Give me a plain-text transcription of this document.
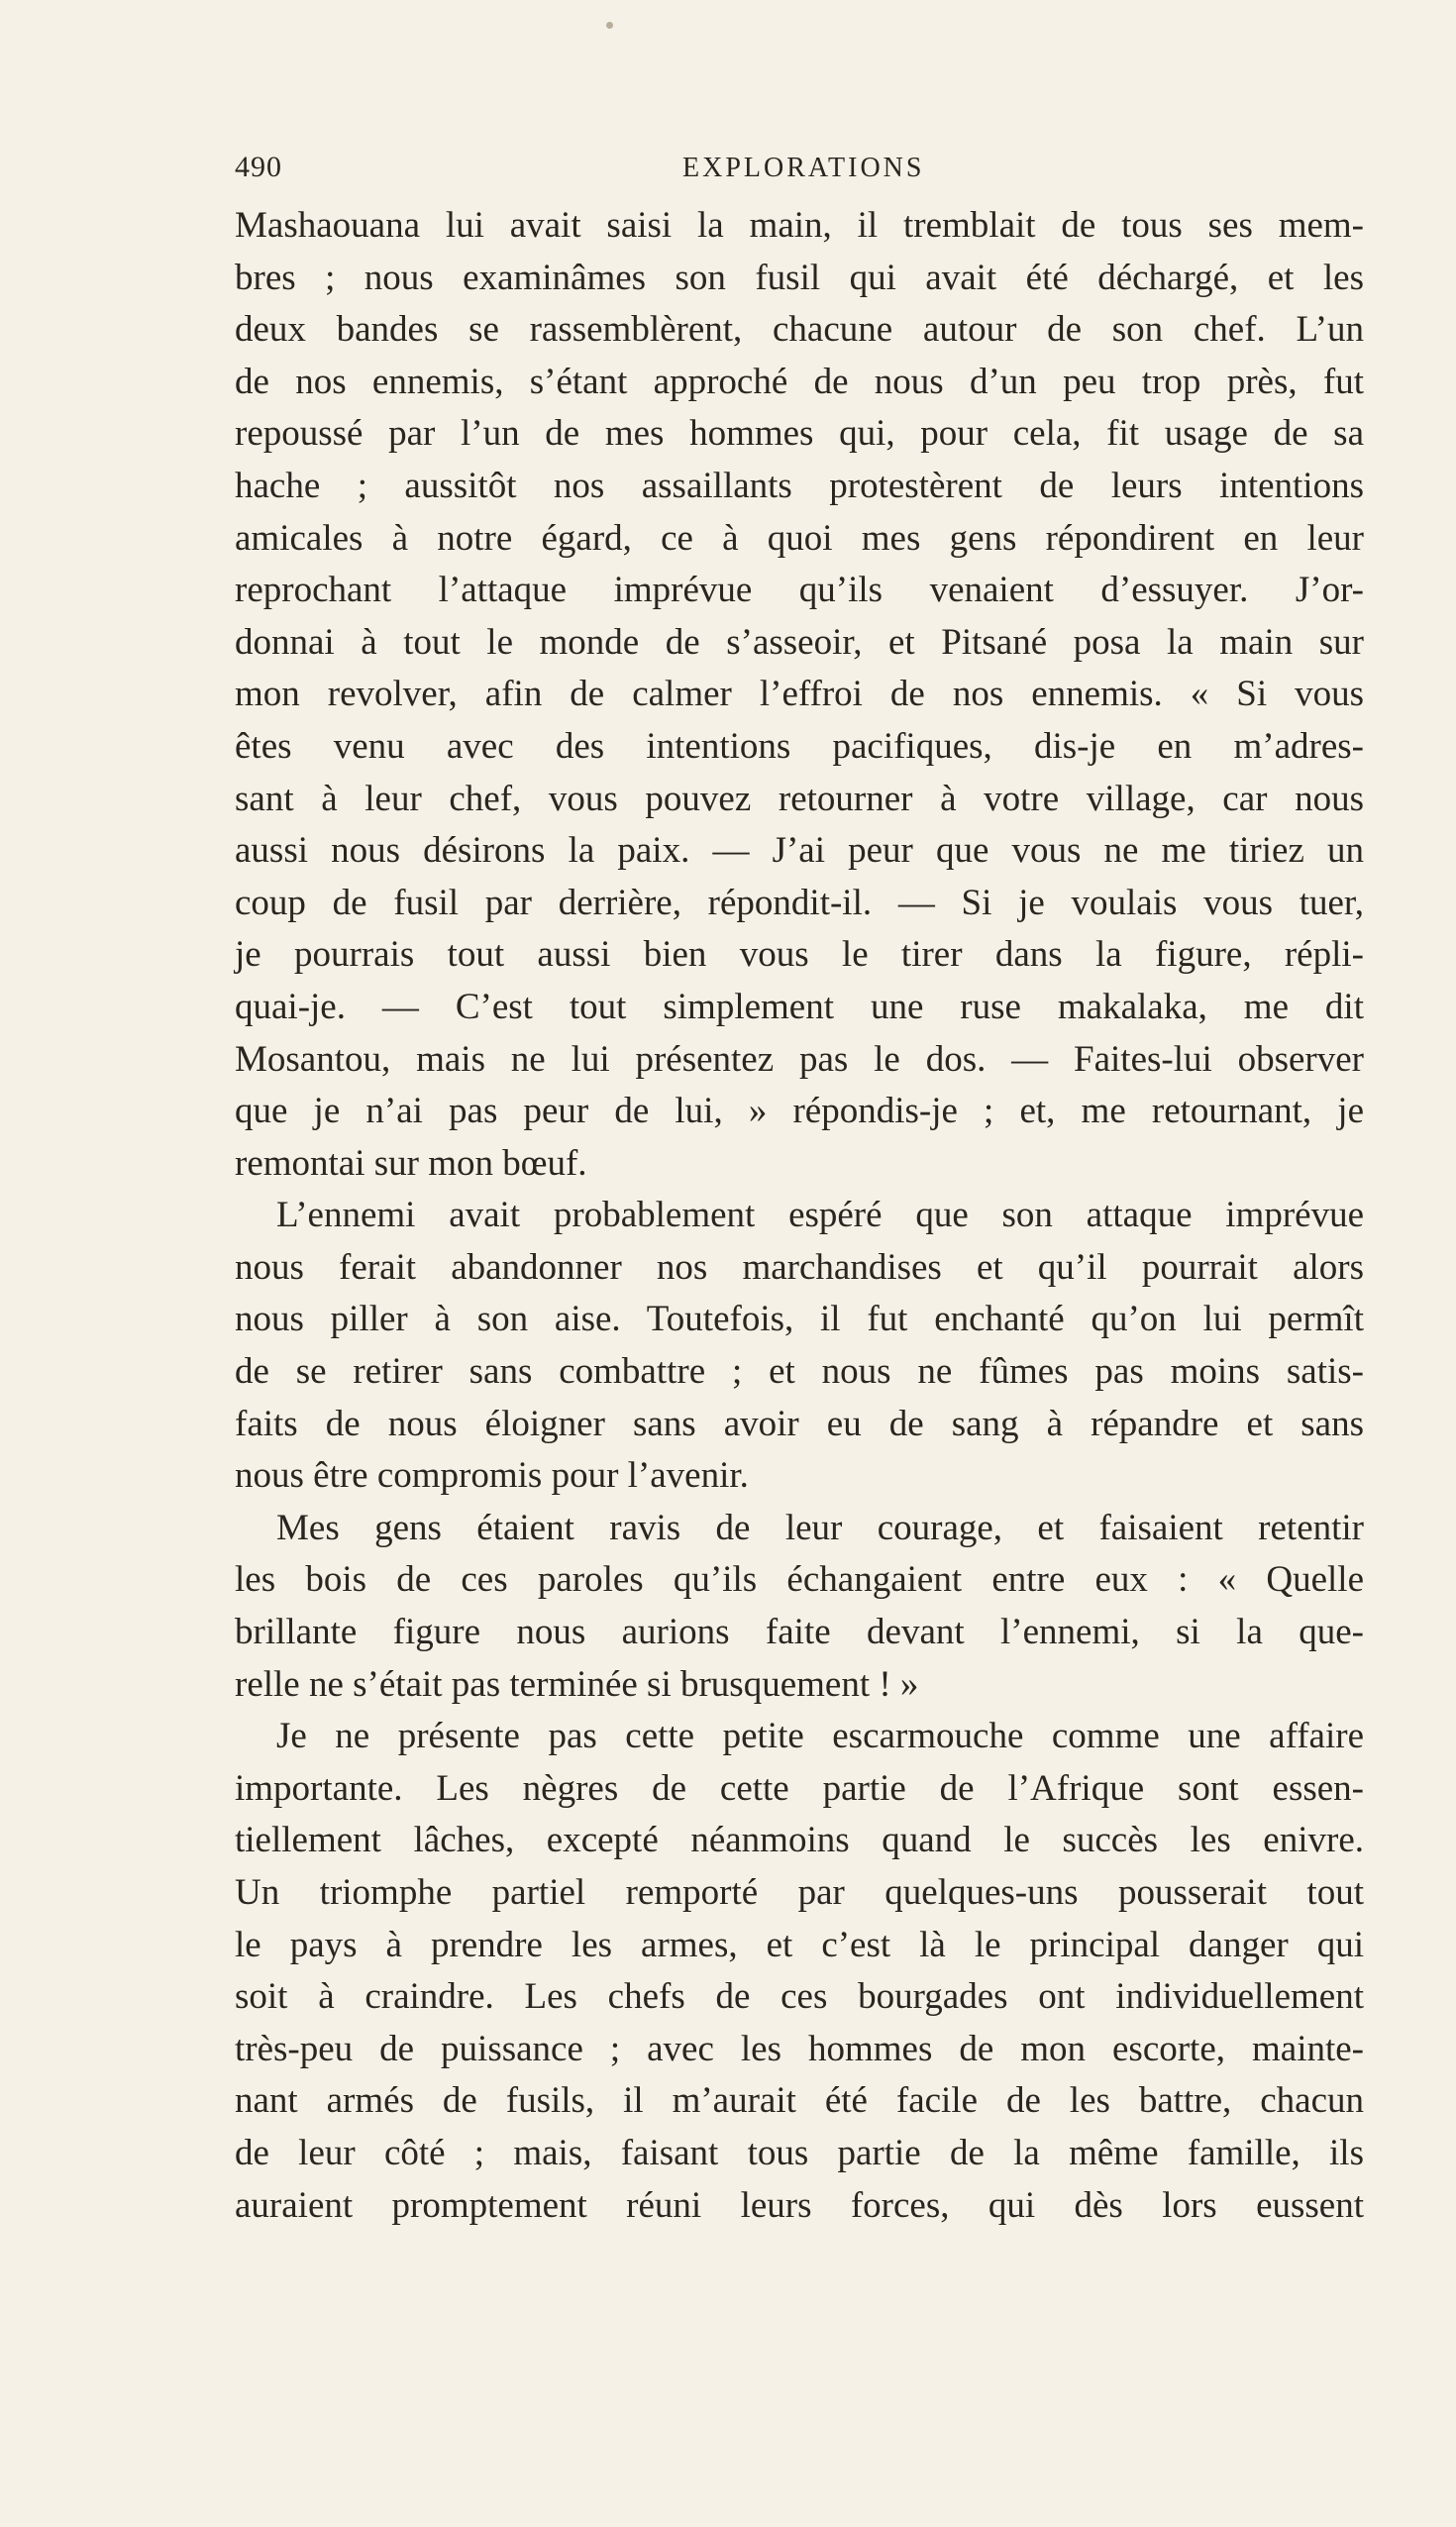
490	EXPLORATIONS
Mashaouana lui avait saisi la main, il tremblait de tous ses mem-
bres ; nous examinâmes son fusil qui avait été déchargé, et les
deux bandes se rassemblèrent, chacune autour de son chef. L’un
de nos ennemis, s’étant approché de nous d’un peu trop près, fut
repoussé par l’un de mes hommes qui, pour cela, fit usage de sa
hache ; aussitôt nos assaillants protestèrent de leurs intentions
amicales à notre égard, ce à quoi mes gens répondirent en leur
reprochant l’attaque imprévue qu’ils venaient d’essuyer. J’or-
donnai à tout le monde de s’asseoir, et Pitsané posa la main sur
mon revolver, afin de calmer l’effroi de nos ennemis. « Si vous
êtes venu avec des intentions pacifiques, dis-je en m’adres-
sant à leur chef, vous pouvez retourner à votre village, car nous
aussi nous désirons la paix. — J’ai peur que vous ne me tiriez un
coup de fusil par derrière, répondit-il. — Si je voulais vous tuer,
je pourrais tout aussi bien vous le tirer dans la figure, répli-
quai-je. — C’est tout simplement une ruse makalaka, me dit
Mosantou, mais ne lui présentez pas le dos. — Faites-lui observer
que je n’ai pas peur de lui, » répondis-je ; et, me retournant, je
remontai sur mon bœuf.
L’ennemi avait probablement espéré que son attaque imprévue
nous ferait abandonner nos marchandises et qu’il pourrait alors
nous piller à son aise. Toutefois, il fut enchanté qu’on lui permît
de se retirer sans combattre ; et nous ne fûmes pas moins satis-
faits de nous éloigner sans avoir eu de sang à répandre et sans
nous être compromis pour l’avenir.
Mes gens étaient ravis de leur courage, et faisaient retentir
les bois de ces paroles qu’ils échangaient entre eux : « Quelle
brillante figure nous aurions faite devant l’ennemi, si la que-
relle ne s’était pas terminée si brusquement ! »
Je ne présente pas cette petite escarmouche comme une affaire
importante. Les nègres de cette partie de l’Afrique sont essen-
tiellement lâches, excepté néanmoins quand le succès les enivre.
Un triomphe partiel remporté par quelques-uns pousserait tout
le pays à prendre les armes, et c’est là le principal danger qui
soit à craindre. Les chefs de ces bourgades ont individuellement
très-peu de puissance ; avec les hommes de mon escorte, mainte-
nant armés de fusils, il m’aurait été facile de les battre, chacun
de leur côté ; mais, faisant tous partie de la même famille, ils
auraient promptement réuni leurs forces, qui dès lors eussent
